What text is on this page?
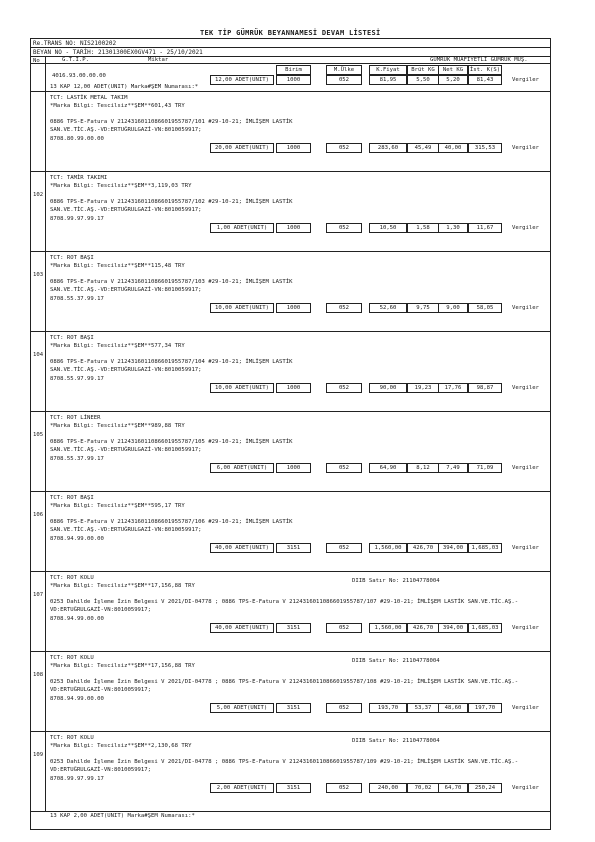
TEK TİP GÜMRÜK BEYANNAMESİ DEVAM LİSTESİ
Re.TRANS NO: NIS2100202
BEYAN NO - TARİH: 21301300EX0GV471 - 25/10/2021
No	G.T.İ.P.	Miktar	GÜMRÜK MUAFİYETLİ GÜMRÜK MÜŞ.
Birim	M.Ülke	K.Fiyat	Brüt KG	Net KG	İst. K(S)
4016.93.00.00.00
12,00 ADET(UNIT)	1000	052	81,95	5,50	5,20	81,43	Vergiler
13 KAP 12,00 ADET(UNIT) Marka#ŞEM Numarası:*
TCT: LASTİK METAL TAKIM
*Marka Bilgi: Tescilsiz**ŞEM**601,43 TRY
0886 TPS-E-Fatura V 2124316011086601955787/101 #29-10-21; İMLİŞEM LASTİK
SAN.VE.TİC.AŞ.-VD:ERTUĞRULGAZİ-VN:8010059917;
8708.80.99.00.00
20,00 ADET(UNIT)	1000	052	283,60	45,49	40,00	315,53	Vergiler
102
TCT: TAMİR TAKIMI
*Marka Bilgi: Tescilsiz**ŞEM**3,119,03 TRY
0886 TPS-E-Fatura V 2124316011086601955787/102 #29-10-21; İMLİŞEM LASTİK
SAN.VE.TİC.AŞ.-VD:ERTUĞRULGAZİ-VN:8010059917;
8708.99.97.99.17
1,00 ADET(UNIT)	1000	052	10,50	1,58	1,30	11,67	Vergiler
103
TCT: ROT BAŞI
*Marka Bilgi: Tescilsiz**ŞEM**115,48 TRY
0886 TPS-E-Fatura V 2124316011086601955787/103 #29-10-21; İMLİŞEM LASTİK
SAN.VE.TİC.AŞ.-VD:ERTUĞRULGAZİ-VN:8010059917;
8708.55.37.99.17
10,00 ADET(UNIT)	1000	052	52,60	9,75	9,00	58,05	Vergiler
104
TCT: ROT BAŞI
*Marka Bilgi: Tescilsiz**ŞEM**577,34 TRY
0886 TPS-E-Fatura V 2124316011086601955787/104 #29-10-21; İMLİŞEM LASTİK
SAN.VE.TİC.AŞ.-VD:ERTUĞRULGAZİ-VN:8010059917;
8708.55.97.99.17
10,00 ADET(UNIT)	1000	052	90,00	19,23	17,76	98,87	Vergiler
105
TCT: ROT LİNEER
*Marka Bilgi: Tescilsiz**ŞEM**989,88 TRY
0886 TPS-E-Fatura V 2124316011086601955787/105 #29-10-21; İMLİŞEM LASTİK
SAN.VE.TİC.AŞ.-VD:ERTUĞRULGAZİ-VN:8010059917;
8708.55.37.99.17
6,00 ADET(UNIT)	1000	052	64,90	8,12	7,49	71,09	Vergiler
106
TCT: ROT BAŞI
*Marka Bilgi: Tescilsiz**ŞEM**595,17 TRY
0886 TPS-E-Fatura V 2124316011086601955787/106 #29-10-21; İMLİŞEM LASTİK
SAN.VE.TİC.AŞ.-VD:ERTUĞRULGAZİ-VN:8010059917;
8708.94.99.00.00
40,00 ADET(UNIT)	3151	052	1,560,00	426,70	394,00	1,685,03	Vergiler
107
TCT: ROT KOLU
*Marka Bilgi: Tescilsiz**ŞEM**17,156,88 TRY
0253 Dahilde İşleme İzin Belgesi V 2021/DI-04778 ; 0886 TPS-E-Fatura V 2124316011086601955787/107 #29-10-21; İMLİŞEM LASTİK SAN.VE.TİC.AŞ.-
VD:ERTUĞRULGAZİ-VN:8010059917;
DIIB Satır No: 21104778004
8708.94.99.00.00
40,00 ADET(UNIT)	3151	052	1,560,00	426,70	394,00	1,685,03	Vergiler
108
TCT: ROT KOLU
*Marka Bilgi: Tescilsiz**ŞEM**17,156,88 TRY
0253 Dahilde İşleme İzin Belgesi V 2021/DI-04778 ; 0886 TPS-E-Fatura V 2124316011086601955787/108 #29-10-21; İMLİŞEM LASTİK SAN.VE.TİC.AŞ.-
VD:ERTUĞRULGAZİ-VN:8010059917;
DIIB Satır No: 21104778004
8708.94.99.00.00
5,00 ADET(UNIT)	3151	052	193,70	53,37	48,60	197,70	Vergiler
109
TCT: ROT KOLU
*Marka Bilgi: Tescilsiz**ŞEM**2,130,68 TRY
0253 Dahilde İşleme İzin Belgesi V 2021/DI-04778 ; 0886 TPS-E-Fatura V 2124316011086601955787/109 #29-10-21; İMLİŞEM LASTİK SAN.VE.TİC.AŞ.-
VD:ERTUĞRULGAZİ-VN:8010059917;
DIIB Satır No: 21104778004
8708.99.97.99.17
2,00 ADET(UNIT)	3151	052	240,00	70,02	64,70	250,24	Vergiler
13 KAP 2,00 ADET(UNIT) Marka#ŞEM Numarası:*
